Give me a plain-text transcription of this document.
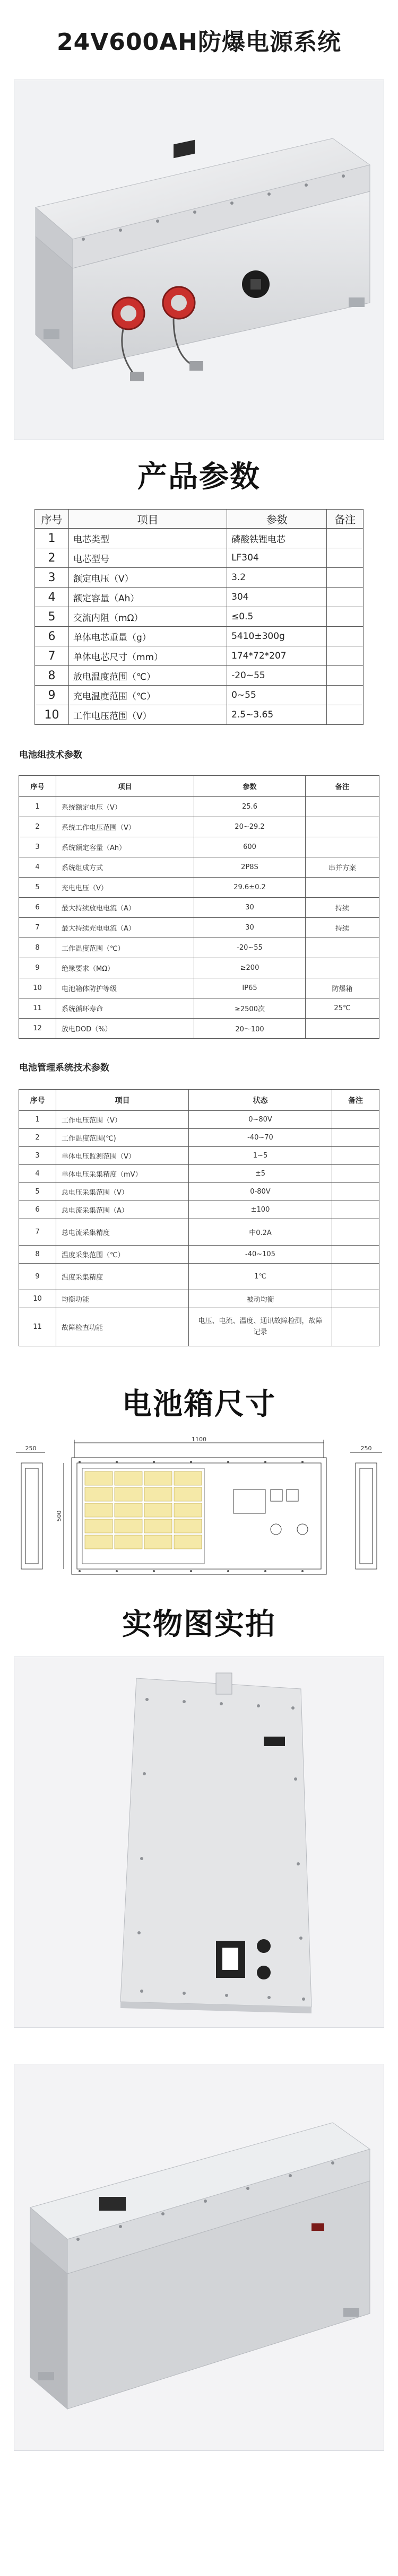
24V600AH防爆电源系统
产品参数
序号	项目	参数	备注
1	电芯类型	磷酸铁锂电芯	
2	电芯型号	LF304	
3	额定电压（V）	3.2	
4	额定容量（Ah）	304	
5	交流内阻（mΩ）	≤0.5	
6	单体电芯重量（g）	5410±300g	
7	单体电芯尺寸（mm）	174*72*207	
8	放电温度范围（℃）	-20~55	
9	充电温度范围（℃）	0~55	
10	工作电压范围（V）	2.5~3.65	
电池组技术参数
序号	项目	参数	备注
1	系统额定电压（V）	25.6	
2	系统工作电压范围（V）	20~29.2	
3	系统额定容量（Ah）	600	
4	系统组成方式	2P8S	串并方案
5	充电电压（V）	29.6±0.2	
6	最大持续放电电流（A）	30	持续
7	最大持续充电电流（A）	30	持续
8	工作温度范围（℃）	-20~55	
9	绝缘要求（MΩ）	≥200	
10	电池箱体防护等级	IP65	防爆箱
11	系统循环寿命	≥2500次	25℃
12	放电DOD（%）	20～100	
电池管理系统技术参数
序号	项目	状态	备注
1	工作电压范围（V）	0~80V	
2	工作温度范围(℃)	-40~70	
3	单体电压监测范围（V）	1~5	
4	单体电压采集精度（mV）	±5	
5	总电压采集范围（V）	0-80V	
6	总电流采集范围（A）	±100	
7	总电流采集精度	中0.2A	
8	温度采集范围（℃）	-40~105	
9	温度采集精度	1℃	
10	均衡功能	被动均衡	
11	故障检查功能	电压、电流、温度、通讯故障检测，故障记录	
电池箱尺寸
1100
250	250
500
实物图实拍
